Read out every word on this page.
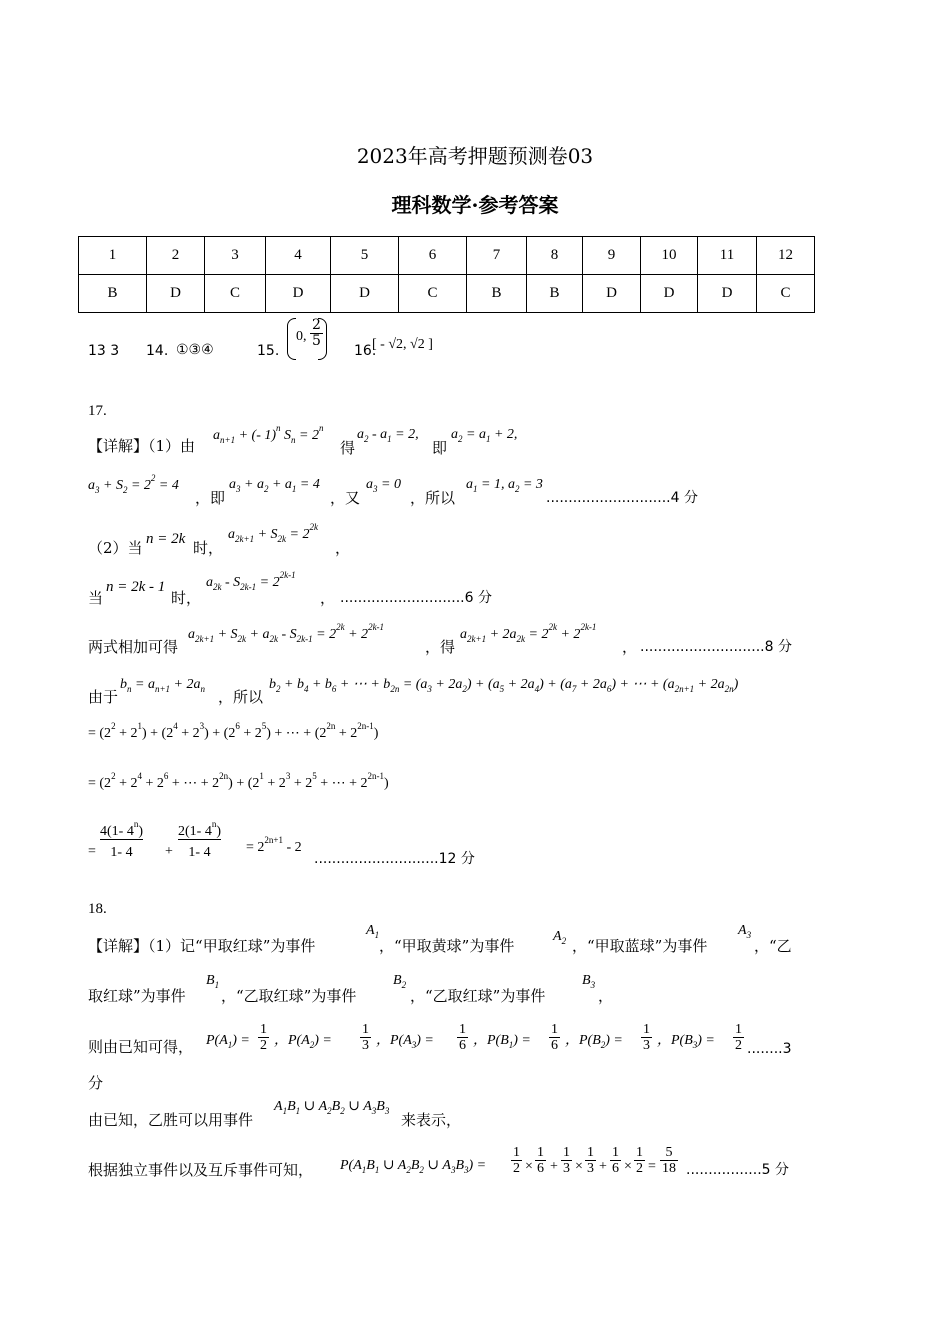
2023年高考押题预测卷03
理科数学·参考答案
1	2	3	4	5	6	7	8	9	10	11	12
B	D	C	D	D	C	B	B	D	D	D	C
13 3 14. ①③④	15.
0, $\frac{2}{5}$
16.
[ - √2, √2 ]
17.
【详解】（1）由
$a_{n+1}$ + (- 1)$^n$ $S_n = 2^n$
得
$a_2 - a_1 = 2$,
即
$a_2 = a_1 + 2$,
$a_3 + S_2 = 2^2 = 4$
，即
$a_3 + a_2 + a_1 = 4$
，又
$a_3 = 0$
，所以
$a_1 = 1$, $a_2 = 3$
............................4 分
（2）当 n = 2k 时，
$a_{2k+1} + S_{2k} = 2^{2k}$
，
当
n = 2k - 1
时，
$a_{2k} - S_{2k-1} = 2^{2k-1}$
， ............................6 分
两式相加可得
$a_{2k+1} + S_{2k} + a_{2k} - S_{2k-1} = 2^{2k} + 2^{2k-1}$
，得
$a_{2k+1} + 2a_{2k} = 2^{2k} + 2^{2k-1}$
， ............................8 分
由于
$b_n = a_{n+1} + 2a_n$ ，所以
$b_2 + b_4 + b_6$ + ⋯ + $b_{2n} = (a_3 + 2a_2) + (a_5 + 2a_4) + (a_7 + 2a_6)$ + ⋯ + $(a_{2n+1} + 2a_{2n})$
= $(2^2 + 2^1) + (2^4 + 2^3) + (2^6 + 2^5)$ + ⋯ + $(2^{2n} + 2^{2n-1})$
= ($2^2 + 2^4 + 2^6$ + ⋯ + $2^{2n}) + (2^1 + 2^3 + 2^5$ + ⋯ + $2^{2n-1}$)
= $\frac{4(1- 4^n)}{1- 4} + \frac{2(1- 4^n)}{1- 4} = 2^{2n+1} - 2$
............................12 分
18.
【详解】（1）记“甲取红球”为事件
$A_1$
，“甲取黄球”为事件
$A_2$ ，“甲取蓝球”为事件
$A_3$
，“乙
取红球”为事件
$B_1$
，“乙取红球”为事件
$B_2$
，“乙取红球”为事件
$B_3$
，
则由已知可得， $P(A_1) = \frac{1}{2}$ ，$P(A_2) = \frac{1}{3}$ ，$P(A_3) = \frac{1}{6}$ ，$P(B_1) = \frac{1}{6}$ ，$P(B_2) = \frac{1}{3}$ ，$P(B_3) = \frac{1}{2} ........3$
分
由已知，乙胜可以用事件
$A_1B_1$ ∪ $A_2B_2$ ∪ $A_3B_3$ 来表示，
根据独立事件以及互斥事件可知， $P(A_1B_1$ ∪ $A_2B_2$ ∪ $A_3B_3) = \frac{1}{2} \times \frac{1}{6} + \frac{1}{3} \times \frac{1}{3} + \frac{1}{6} \times \frac{1}{2} = \frac{5}{18} .................5$ 分
